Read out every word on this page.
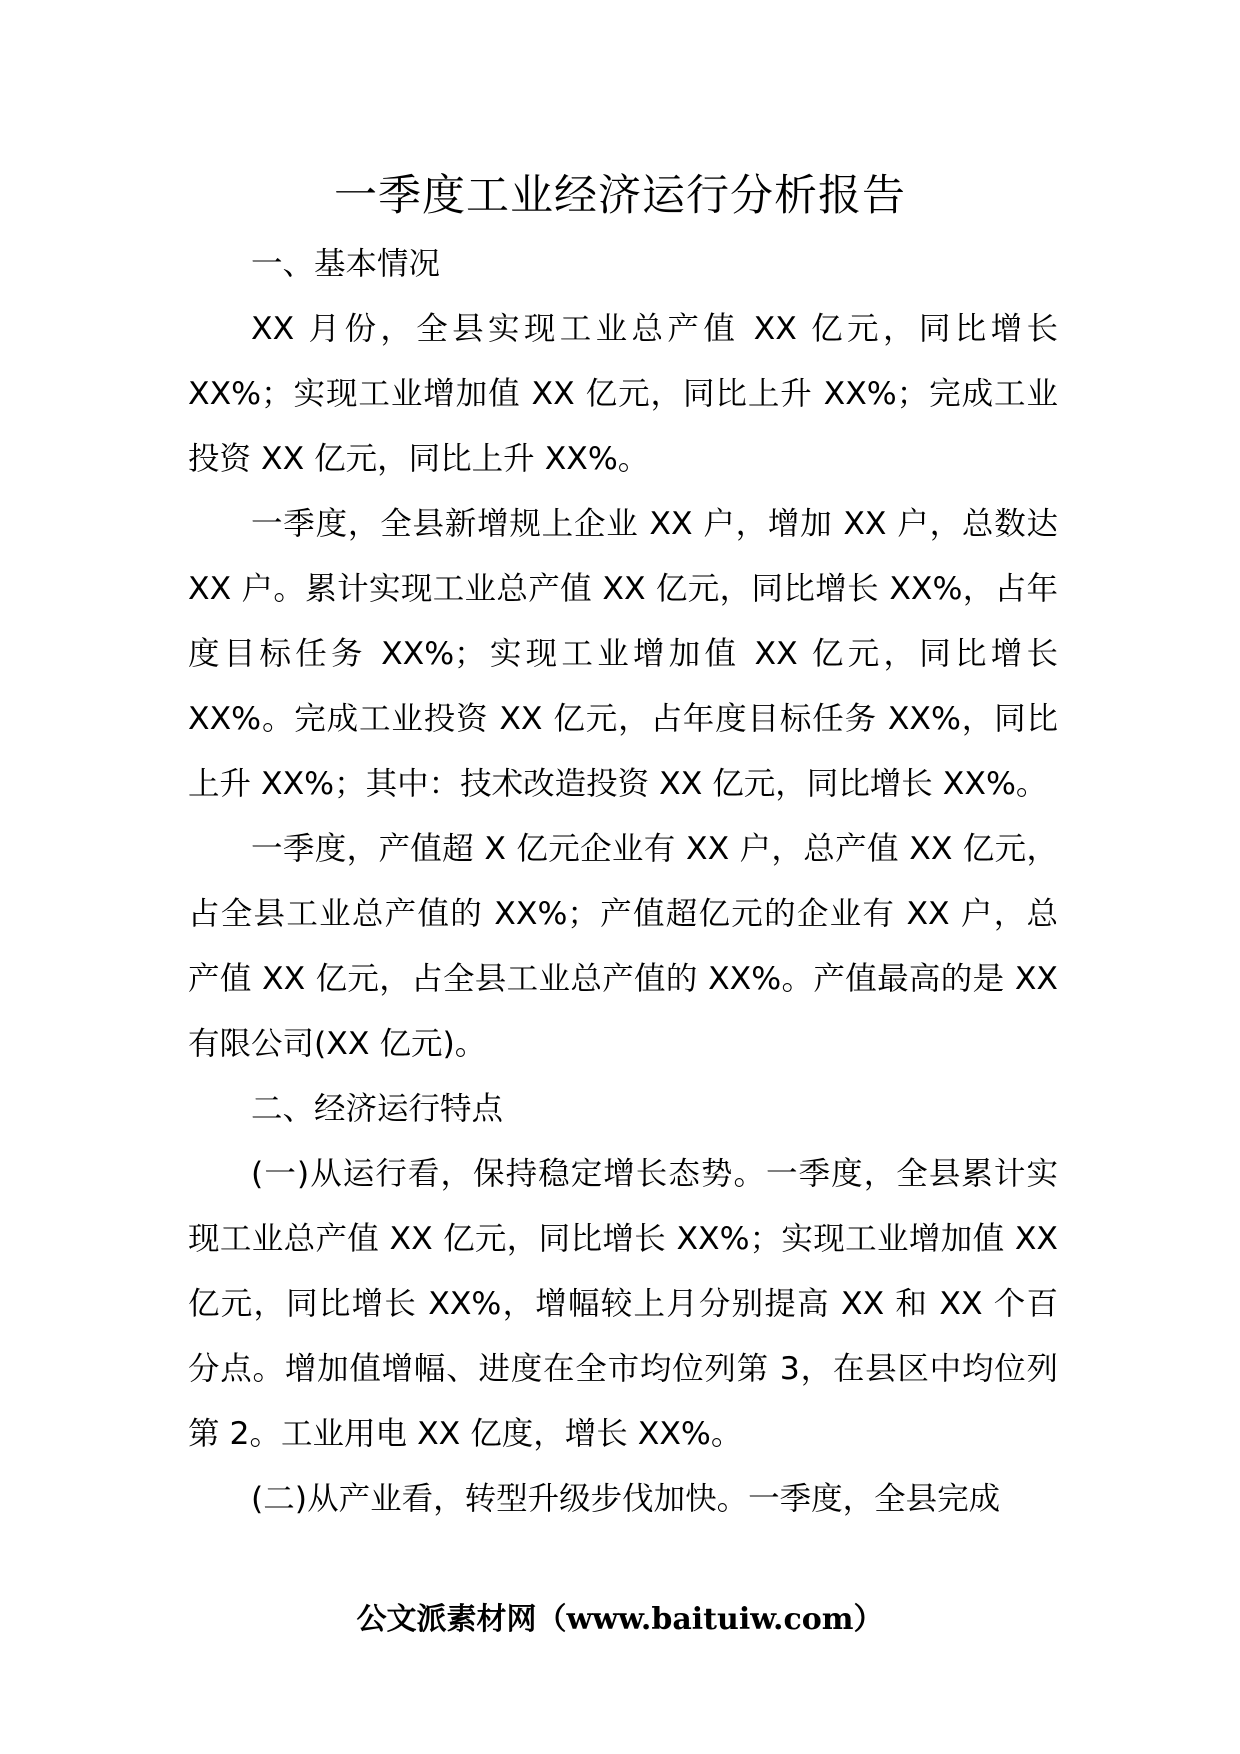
一季度工业经济运行分析报告

一、基本情况

XX 月份，全县实现工业总产值 XX 亿元，同比增长 XX%；实现工业增加值 XX 亿元，同比上升 XX%；完成工业投资 XX 亿元，同比上升 XX%。

一季度，全县新增规上企业 XX 户，增加 XX 户，总数达 XX 户。累计实现工业总产值 XX 亿元，同比增长 XX%，占年度目标任务 XX%；实现工业增加值 XX 亿元，同比增长 XX%。完成工业投资 XX 亿元，占年度目标任务 XX%，同比上升 XX%；其中：技术改造投资 XX 亿元，同比增长 XX%。

一季度，产值超 X 亿元企业有 XX 户，总产值 XX 亿元，占全县工业总产值的 XX%；产值超亿元的企业有 XX 户，总产值 XX 亿元，占全县工业总产值的 XX%。产值最高的是 XX 有限公司(XX 亿元)。

二、经济运行特点

(一)从运行看，保持稳定增长态势。一季度，全县累计实现工业总产值 XX 亿元，同比增长 XX%；实现工业增加值 XX 亿元，同比增长 XX%，增幅较上月分别提高 XX 和 XX 个百分点。增加值增幅、进度在全市均位列第 3，在县区中均位列第 2。工业用电 XX 亿度，增长 XX%。

(二)从产业看，转型升级步伐加快。一季度，全县完成

公文派素材网（www.baituiw.com）
